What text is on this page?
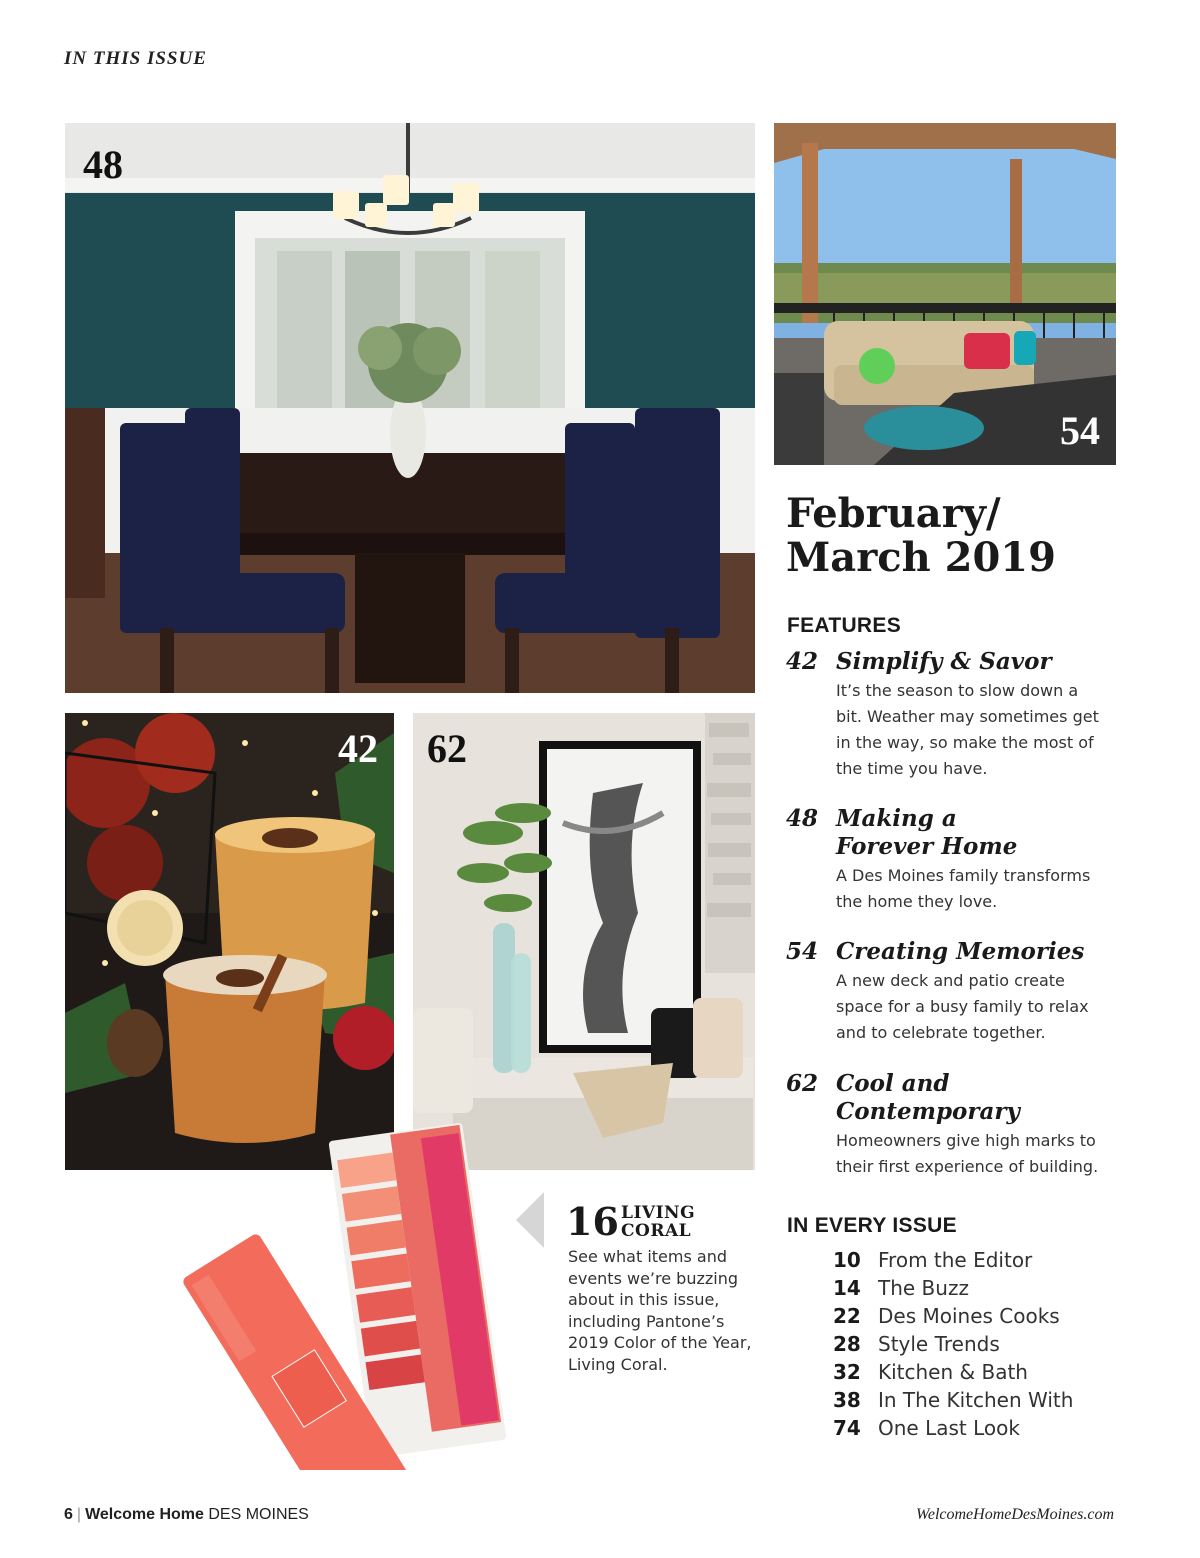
IN THIS ISSUE
48
54
42 62
February/
March 2019
FEATURES
42 Simplify & Savor
It’s the season to slow down a bit. Weather may sometimes get in the way, so make the most of the time you have.
48 Making a
Forever Home
A Des Moines family transforms the home they love.
54 Creating Memories
A new deck and patio create space for a busy family to relax and to celebrate together.
62 Cool and
Contemporary
Homeowners give high marks to their first experience of building.
IN EVERY ISSUE
10 From the Editor
14 The Buzz
22 Des Moines Cooks
28 Style Trends
32 Kitchen & Bath
38 In The Kitchen With
74 One Last Look
16 LIVING
CORAL
See what items and events we’re buzzing about in this issue, including Pantone’s 2019 Color of the Year, Living Coral.
6 | Welcome Home DES MOINES	WelcomeHomeDesMoines.com
